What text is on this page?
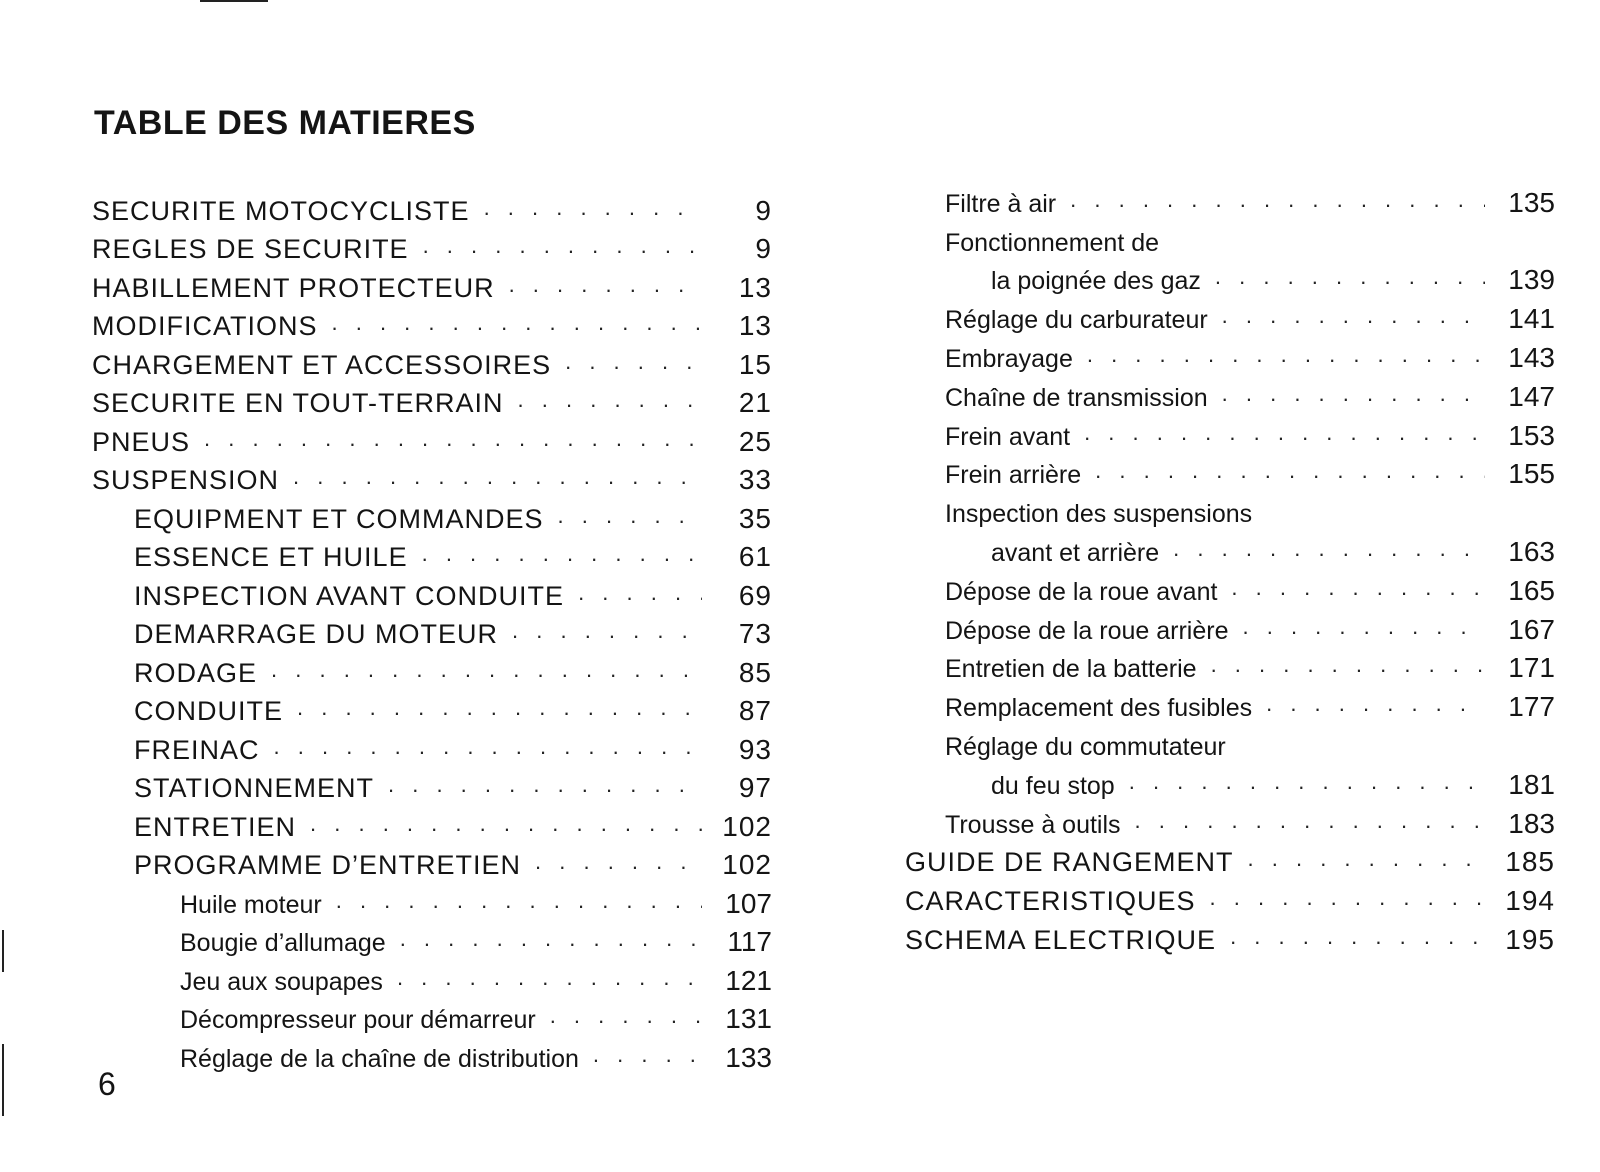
TABLE DES MATIERES
SECURITE MOTOCYCLISTE . . .	9
REGLES DE SECURITE . . .	9
HABILLEMENT PROTECTEUR . . .	13
MODIFICATIONS . . .	13
CHARGEMENT ET ACCESSOIRES . . .	15
SECURITE EN TOUT-TERRAIN . . .	21
PNEUS . . .	25
SUSPENSION . . .	33
EQUIPMENT ET COMMANDES . . .	35
ESSENCE ET HUILE . . .	61
INSPECTION AVANT CONDUITE . . .	69
DEMARRAGE DU MOTEUR . . .	73
RODAGE . . .	85
CONDUITE . . .	87
FREINAC . . .	93
STATIONNEMENT . . .	97
ENTRETIEN . . .	102
PROGRAMME D’ENTRETIEN . . .	102
Huile moteur . . .	107
Bougie d’allumage . . .	117
Jeu aux soupapes . . .	121
Décompresseur pour démarreur . . .	131
Réglage de la chaîne de distribution . . .	133
Filtre à air . . .	135
Fonctionnement de
la poignée des gaz . . .	139
Réglage du carburateur . . .	141
Embrayage . . .	143
Chaîne de transmission . . .	147
Frein avant . . .	153
Frein arrière . . .	155
Inspection des suspensions
avant et arrière . . .	163
Dépose de la roue avant . . .	165
Dépose de la roue arrière . . .	167
Entretien de la batterie . . .	171
Remplacement des fusibles . . .	177
Réglage du commutateur
du feu stop . . .	181
Trousse à outils . . .	183
GUIDE DE RANGEMENT . . .	185
CARACTERISTIQUES . . .	194
SCHEMA ELECTRIQUE . . .	195
6
